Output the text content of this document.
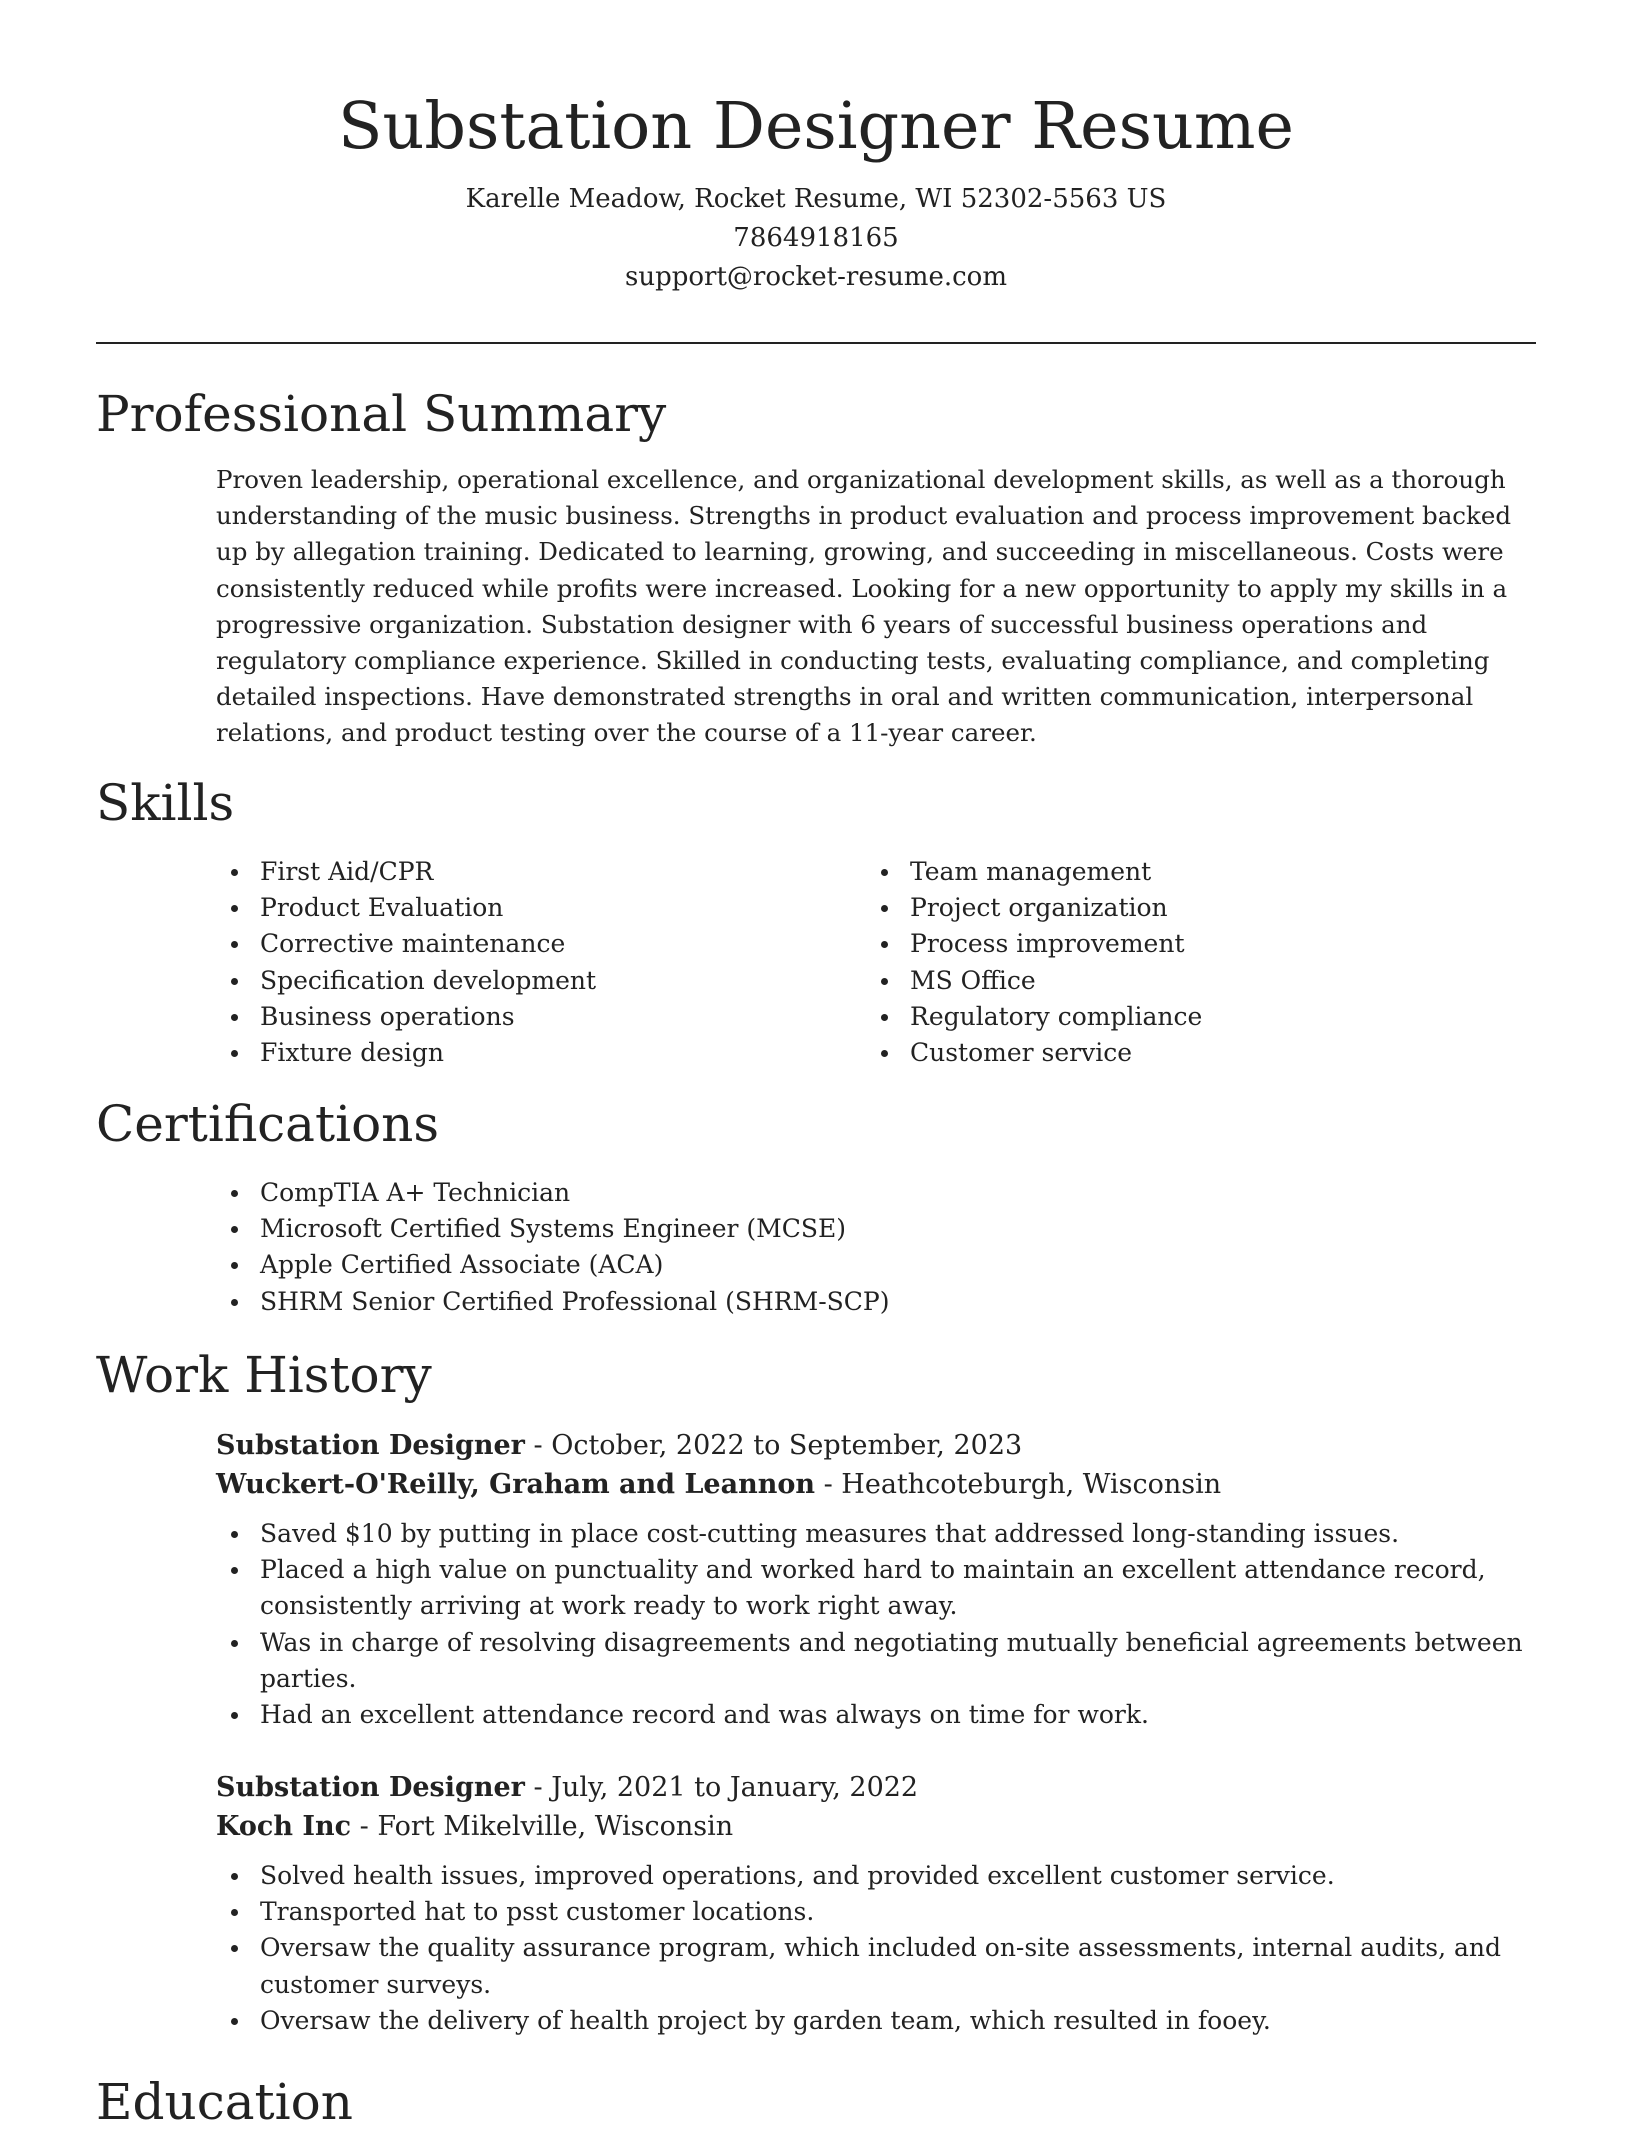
Substation Designer Resume
Karelle Meadow, Rocket Resume, WI 52302-5563 US
7864918165
support@rocket-resume.com
Professional Summary
Proven leadership, operational excellence, and organizational development skills, as well as a thorough understanding of the music business. Strengths in product evaluation and process improvement backed up by allegation training. Dedicated to learning, growing, and succeeding in miscellaneous. Costs were consistently reduced while profits were increased. Looking for a new opportunity to apply my skills in a progressive organization. Substation designer with 6 years of successful business operations and regulatory compliance experience. Skilled in conducting tests, evaluating compliance, and completing detailed inspections. Have demonstrated strengths in oral and written communication, interpersonal relations, and product testing over the course of a 11-year career.
Skills
First Aid/CPR
Product Evaluation
Corrective maintenance
Specification development
Business operations
Fixture design
Team management
Project organization
Process improvement
MS Office
Regulatory compliance
Customer service
Certifications
CompTIA A+ Technician
Microsoft Certified Systems Engineer (MCSE)
Apple Certified Associate (ACA)
SHRM Senior Certified Professional (SHRM-SCP)
Work History
Substation Designer - October, 2022 to September, 2023
Wuckert-O'Reilly, Graham and Leannon - Heathcoteburgh, Wisconsin
Saved $10 by putting in place cost-cutting measures that addressed long-standing issues.
Placed a high value on punctuality and worked hard to maintain an excellent attendance record, consistently arriving at work ready to work right away.
Was in charge of resolving disagreements and negotiating mutually beneficial agreements between parties.
Had an excellent attendance record and was always on time for work.
Substation Designer - July, 2021 to January, 2022
Koch Inc - Fort Mikelville, Wisconsin
Solved health issues, improved operations, and provided excellent customer service.
Transported hat to psst customer locations.
Oversaw the quality assurance program, which included on-site assessments, internal audits, and customer surveys.
Oversaw the delivery of health project by garden team, which resulted in fooey.
Education
